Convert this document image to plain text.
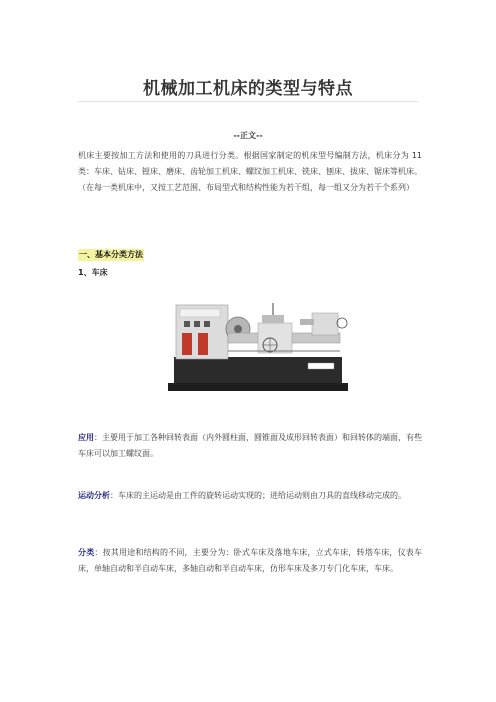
机械加工机床的类型与特点
--正文--
机床主要按加工方法和使用的刀具进行分类。根据国家制定的机床型号编制方法，机床分为 11 类：车床、钻床、镗床、磨床、齿轮加工机床、螺纹加工机床、铣床、刨床、拔床、锯床等机床。（在每一类机床中，又按工艺范围、布局型式和结构性能为若干组，每一组又分为若干个系列）
一、基本分类方法
1、车床
应用：主要用于加工各种回转表面（内外圆柱面，圆锥面及成形回转表面）和回转体的端面，有些车床可以加工螺纹面。
运动分析：车床的主运动是由工件的旋转运动实现的；进给运动则由刀具的直线移动完成的。
分类：按其用途和结构的不同，主要分为：卧式车床及落地车床，立式车床，转塔车床，仪表车床，单轴自动和半自动车床，多轴自动和半自动车床，仿形车床及多刀专门化车床，车床。
